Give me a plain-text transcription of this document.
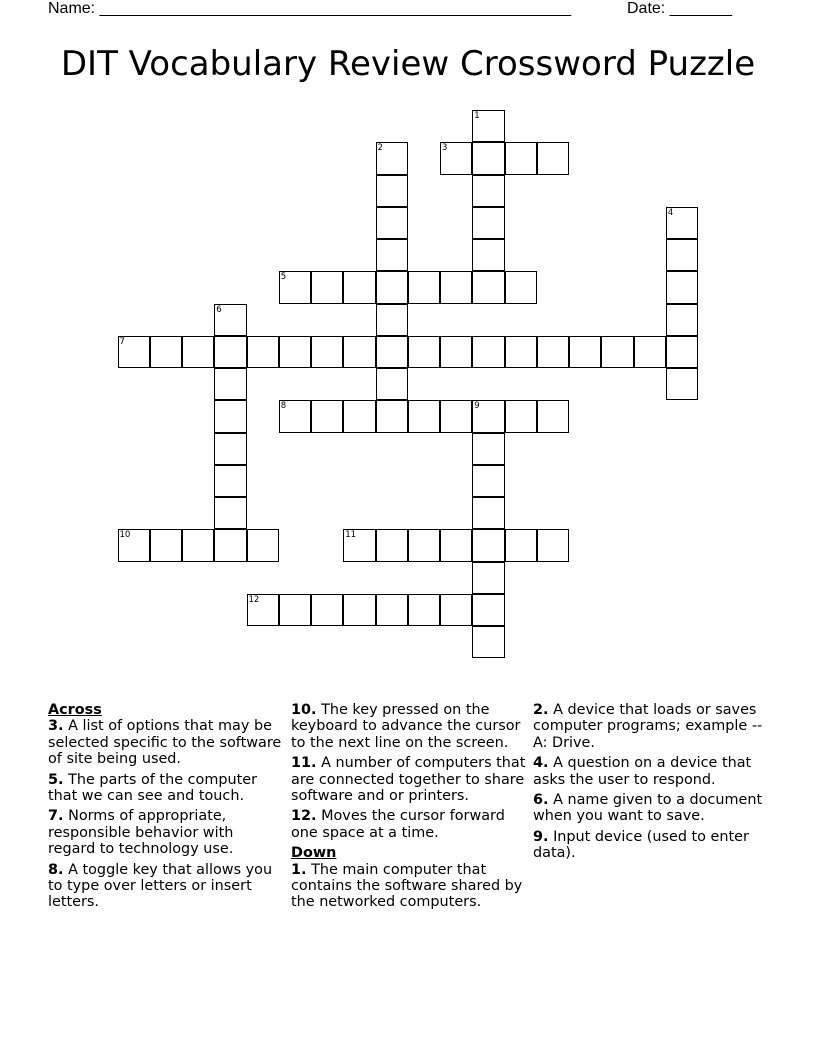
Name: _____________________________________________________	Date: _______
DIT Vocabulary Review Crossword Puzzle
1
2	3
4
5
6
7
8	9
10	11
12
Across
3. A list of options that may be selected specific to the software of site being used.
5. The parts of the computer that we can see and touch.
7. Norms of appropriate, responsible behavior with regard to technology use.
8. A toggle key that allows you to type over letters or insert letters.
10. The key pressed on the keyboard to advance the cursor to the next line on the screen.
11. A number of computers that are connected together to share software and or printers.
12. Moves the cursor forward one space at a time.
Down
1. The main computer that contains the software shared by the networked computers.
2. A device that loads or saves computer programs; example -- A: Drive.
4. A question on a device that asks the user to respond.
6. A name given to a document when you want to save.
9. Input device (used to enter data).
